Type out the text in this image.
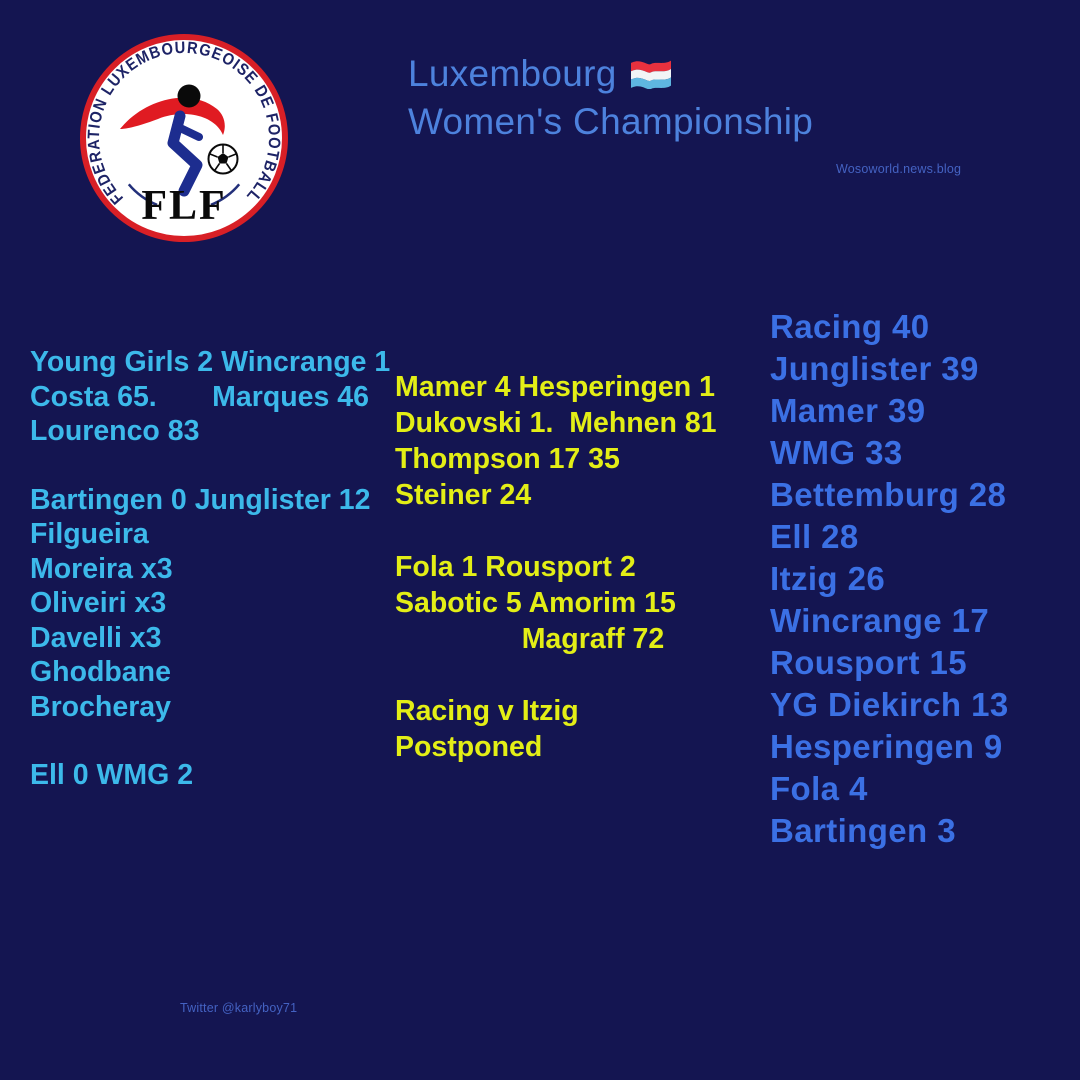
FEDERATION LUXEMBOURGEOISE DE FOOTBALL
FLF
Luxembourg
Women's Championship
Wosoworld.news.blog
Young Girls 2 Wincrange 1
Costa 65.       Marques 46
Lourenco 83
Bartingen 0 Junglister 12
Filgueira
Moreira x3
Oliveiri x3
Davelli x3
Ghodbane
Brocheray
Ell 0 WMG 2
Mamer 4 Hesperingen 1
Dukovski 1.  Mehnen 81
Thompson 17 35
Steiner 24
Fola 1 Rousport 2
Sabotic 5 Amorim 15
Magraff 72
Racing v Itzig
Postponed
Racing 40
Junglister 39
Mamer 39
WMG 33
Bettemburg 28
Ell 28
Itzig 26
Wincrange 17
Rousport 15
YG Diekirch 13
Hesperingen 9
Fola 4
Bartingen 3
Twitter @karlyboy71
